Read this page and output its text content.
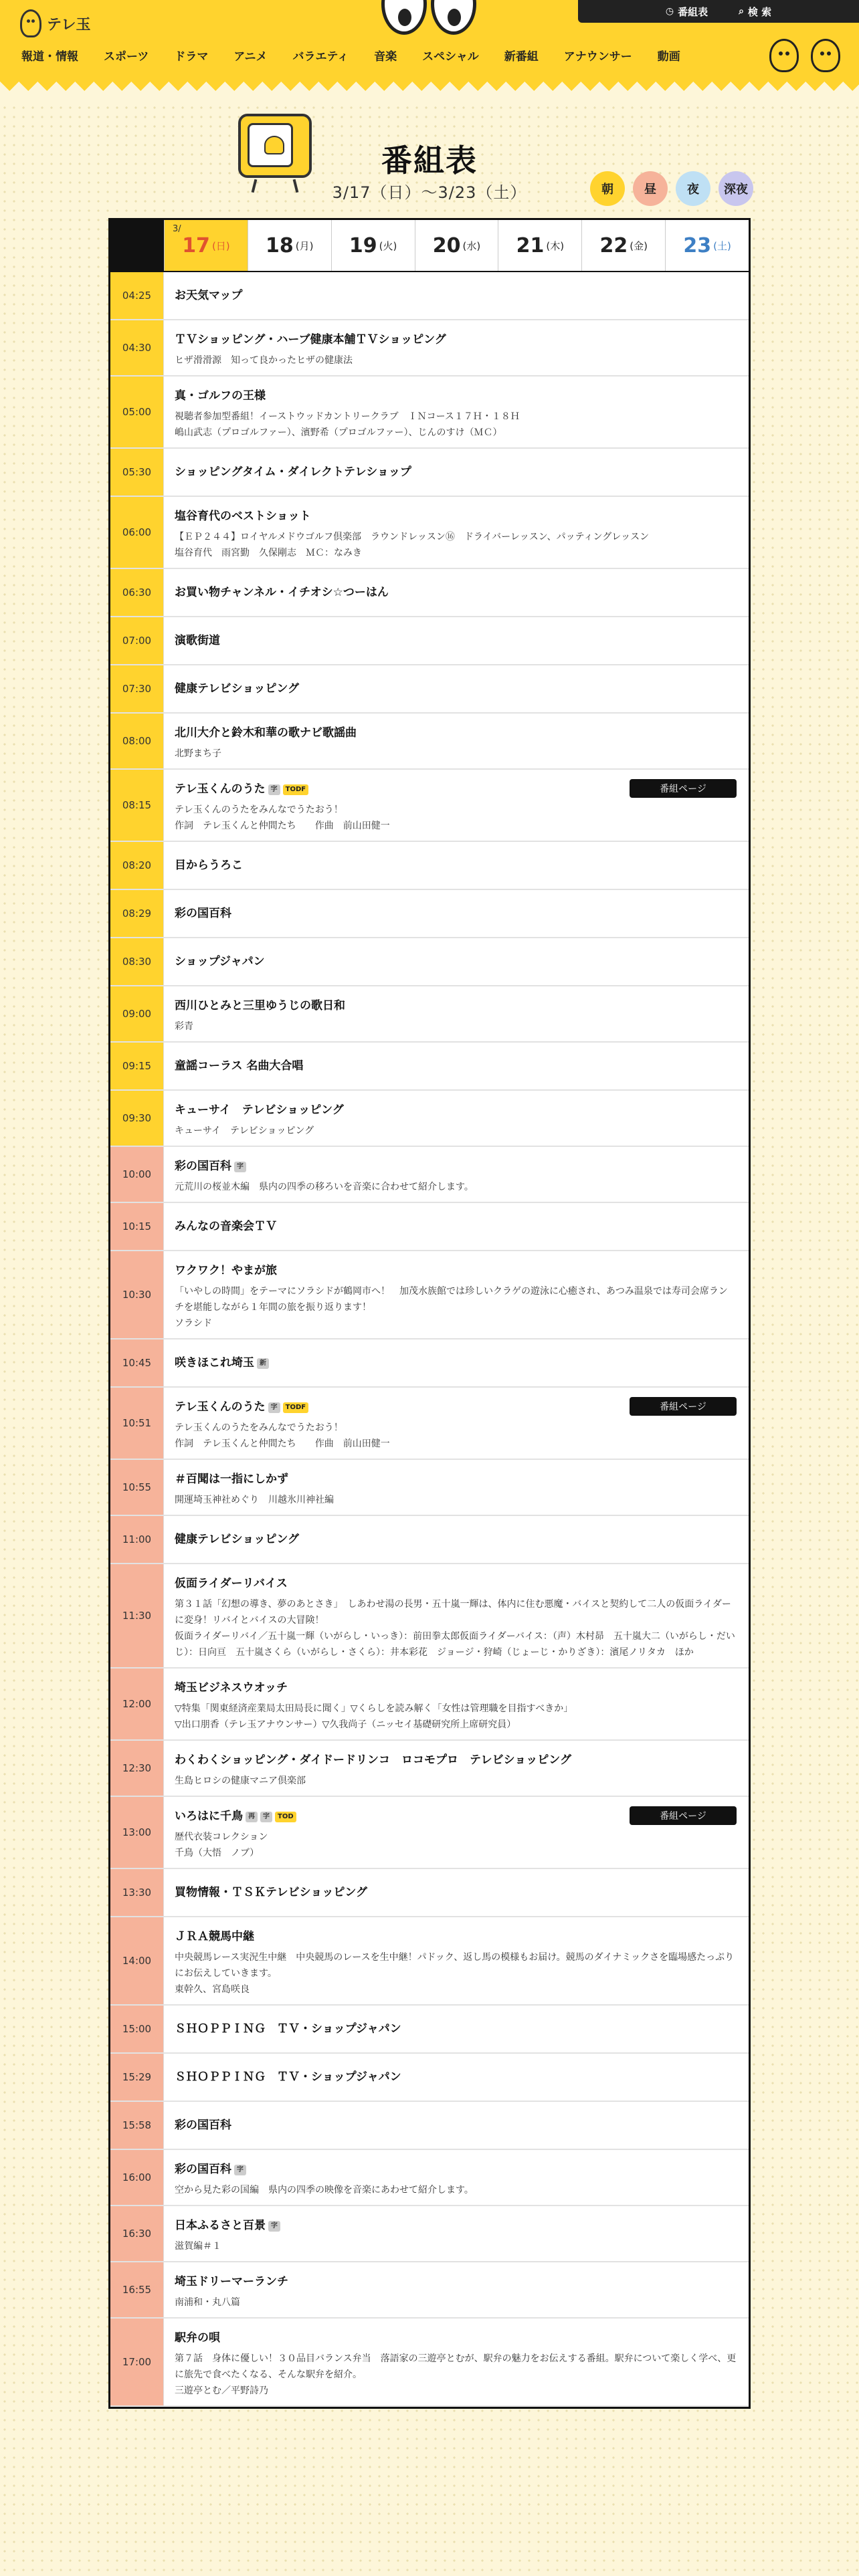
テレ玉
◷ 番組表	⌕ 検 索
報道・情報	スポーツ	ドラマ	アニメ	バラエティ	音楽	スペシャル	新番組	アナウンサー	動画
番組表
3/17（日）～3/23（土）	朝	昼	夜	深夜
3/
17 (日) 18 (月) 19 (火) 20 (水) 21 (木) 22 (金) 23 (土)
04:25	お天気マップ
04:30
ＴＶショッピング・ハーブ健康本舗ＴＶショッピング
ヒザ滑滑源　知って良かったヒザの健康法
05:00
真・ゴルフの王様
視聴者参加型番組！イーストウッドカントリークラブ　ＩＮコース１７Ｈ・１８Ｈ
嶋山武志（プロゴルファー）、濱野希（プロゴルファー）、じんのすけ（ＭＣ）
05:30	ショッピングタイム・ダイレクトテレショップ
06:00
塩谷育代のベストショット
【ＥＰ２４４】ロイヤルメドウゴルフ倶楽部　ラウンドレッスン⑯　ドライバーレッスン、パッティングレッスン
塩谷育代　雨宮勤　久保剛志　ＭＣ：なみき
06:30	お買い物チャンネル・イチオシ☆つーはん
07:00	演歌街道
07:30	健康テレビショッピング
08:00
北川大介と鈴木和華の歌ナビ歌謡曲
北野まち子
08:15
テレ玉くんのうた 字 TODF
テレ玉くんのうたをみんなでうたおう！
作詞　テレ玉くんと仲間たち　　作曲　前山田健一
番組ページ
08:20	目からうろこ
08:29	彩の国百科
08:30	ショップジャパン
09:00
西川ひとみと三里ゆうじの歌日和
彩青
09:15	童謡コーラス 名曲大合唱
09:30
キューサイ　テレビショッピング
キューサイ　テレビショッピング
10:00
彩の国百科 字
元荒川の桜並木編　県内の四季の移ろいを音楽に合わせて紹介します。
10:15	みんなの音楽会ＴＶ
10:30
ワクワク！やまが旅
「いやしの時間」をテーマにソラシドが鶴岡市へ！　加茂水族館では珍しいクラゲの遊泳に心癒され、あつみ温泉では寿司会席ランチを堪能しながら１年間の旅を振り返ります！
ソラシド
10:45	咲きほこれ埼玉 新
10:51
テレ玉くんのうた 字 TODF
テレ玉くんのうたをみんなでうたおう！
作詞　テレ玉くんと仲間たち　　作曲　前山田健一
番組ページ
10:55
＃百聞は一指にしかず
開運埼玉神社めぐり　川越氷川神社編
11:00	健康テレビショッピング
11:30
仮面ライダーリバイス
第３１話「幻想の導き、夢のあとさき」　しあわせ湯の長男・五十嵐一輝は、体内に住む悪魔・バイスと契約して二人の仮面ライダーに変身！リバイとバイスの大冒険！
仮面ライダーリバイ／五十嵐一輝（いがらし・いっき）：前田拳太郎仮面ライダーバイス：（声）木村昴　五十嵐大二（いがらし・だいじ）：日向亘　五十嵐さくら（いがらし・さくら）：井本彩花　ジョージ・狩崎（じょーじ・かりざき）：濱尾ノリタカ　ほか
12:00
埼玉ビジネスウオッチ
▽特集「関東経済産業局太田局長に聞く」▽くらしを読み解く「女性は管理職を目指すべきか」
▽出口朋香（テレ玉アナウンサー）▽久我尚子（ニッセイ基礎研究所上席研究員）
12:30
わくわくショッピング・ダイドードリンコ　ロコモプロ　テレビショッピング
生島ヒロシの健康マニア倶楽部
13:00
いろはに千鳥 再 字 TOD
歴代衣装コレクション
千鳥（大悟　ノブ）
番組ページ
13:30	買物情報・ＴＳＫテレビショッピング
14:00
ＪＲＡ競馬中継
中央競馬レース実況生中継　中央競馬のレースを生中継！パドック、返し馬の模様もお届け。競馬のダイナミックさを臨場感たっぷりにお伝えしていきます。
東幹久、宮島咲良
15:00	ＳＨＯＰＰＩＮＧ　ＴＶ・ショップジャパン
15:29	ＳＨＯＰＰＩＮＧ　ＴＶ・ショップジャパン
15:58	彩の国百科
16:00
彩の国百科 字
空から見た彩の国編　県内の四季の映像を音楽にあわせて紹介します。
16:30
日本ふるさと百景 字
滋賀編＃１
16:55
埼玉ドリーマーランチ
南浦和・丸八篇
17:00
駅弁の唄
第７話　身体に優しい！３０品目バランス弁当　落語家の三遊亭とむが、駅弁の魅力をお伝えする番組。駅弁について楽しく学べ、更に旅先で食べたくなる、そんな駅弁を紹介。
三遊亭とむ／平野詩乃
